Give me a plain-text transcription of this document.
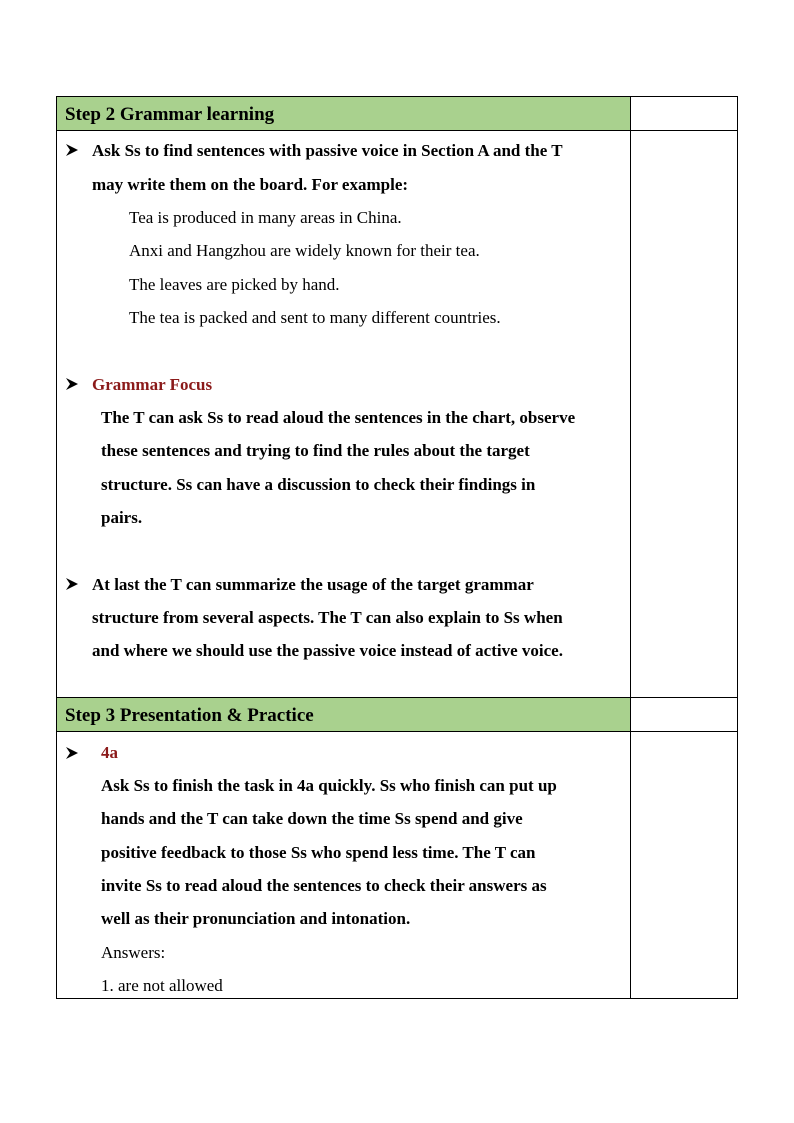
Step 2 Grammar learning
Ask Ss to find sentences with passive voice in Section A and the T
may write them on the board. For example:
Tea is produced in many areas in China.
Anxi and Hangzhou are widely known for their tea.
The leaves are picked by hand.
The tea is packed and sent to many different countries.
Grammar Focus
The T can ask Ss to read aloud the sentences in the chart, observe
these sentences and trying to find the rules about the target
structure. Ss can have a discussion to check their findings in
pairs.
At last the T can summarize the usage of the target grammar
structure from several aspects. The T can also explain to Ss when
and where we should use the passive voice instead of active voice.
Step 3 Presentation & Practice
4a
Ask Ss to finish the task in 4a quickly. Ss who finish can put up
hands and the T can take down the time Ss spend and give
positive feedback to those Ss who spend less time. The T can
invite Ss to read aloud the sentences to check their answers as
well as their pronunciation and intonation.
Answers:
1. are not allowed
